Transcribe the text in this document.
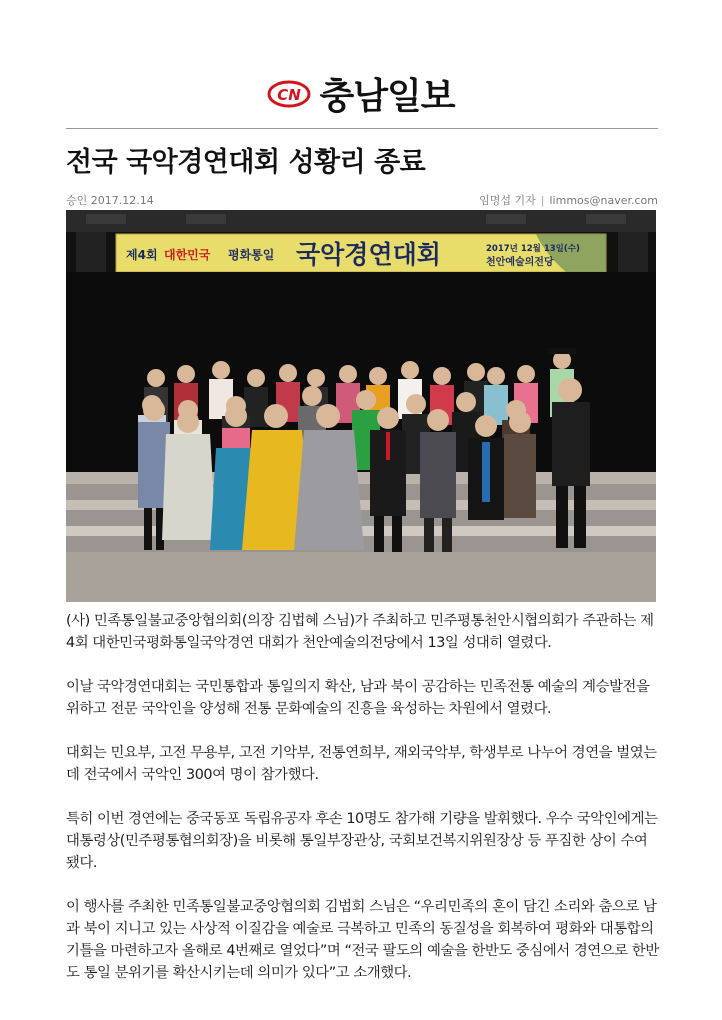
CN 충남일보
전국 국악경연대회 성황리 종료
승인 2017.12.14	임명섭 기자 | limmos@naver.com
제4회 대한민국 평화통일 국악경연대회	2017년 12월 13일(수)
천안예술의전당

(사) 민족통일불교중앙협의회(의장 김법혜 스님)가 주최하고 민주평통천안시협의회가 주관하는 제4회 대한민국평화통일국악경연 대회가 천안예술의전당에서 13일 성대히 열렸다.

이날 국악경연대회는 국민통합과 통일의지 확산, 남과 북이 공감하는 민족전통 예술의 계승발전을 위하고 전문 국악인을 양성해 전통 문화예술의 진흥을 육성하는 차원에서 열렸다.

대회는 민요부, 고전 무용부, 고전 기악부, 전통연희부, 재외국악부, 학생부로 나누어 경연을 벌였는데 전국에서 국악인 300여 명이 참가했다.

특히 이번 경연에는 중국동포 독립유공자 후손 10명도 참가해 기량을 발휘했다. 우수 국악인에게는 대통령상(민주평통협의회장)을 비롯해 통일부장관상, 국회보건복지위원장상 등 푸짐한 상이 수여됐다.

이 행사를 주최한 민족통일불교중앙협의회 김법회 스님은 “우리민족의 혼이 담긴 소리와 춤으로 남과 북이 지니고 있는 사상적 이질감을 예술로 극복하고 민족의 동질성을 회복하여 평화와 대통합의 기틀을 마련하고자 올해로 4번째로 열었다”며 “전국 팔도의 예술을 한반도 중심에서 경연으로 한반도 통일 분위기를 확산시키는데 의미가 있다”고 소개했다.
